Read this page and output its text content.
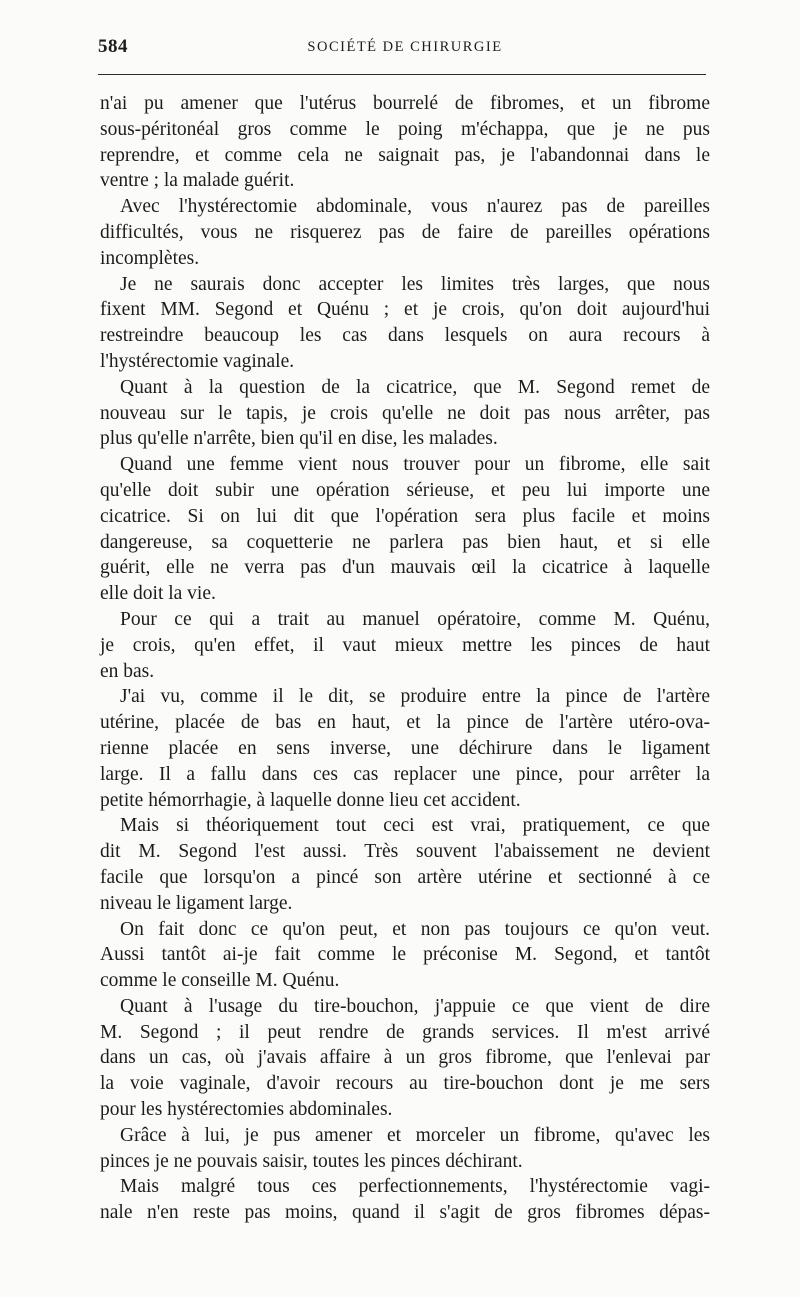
584	SOCIÉTÉ DE CHIRURGIE
n'ai pu amener que l'utérus bourrelé de fibromes, et un fibrome
sous-péritonéal gros comme le poing m'échappa, que je ne pus
reprendre, et comme cela ne saignait pas, je l'abandonnai dans le
ventre ; la malade guérit.
Avec l'hystérectomie abdominale, vous n'aurez pas de pareilles
difficultés, vous ne risquerez pas de faire de pareilles opérations
incomplètes.
Je ne saurais donc accepter les limites très larges, que nous
fixent MM. Segond et Quénu ; et je crois, qu'on doit aujourd'hui
restreindre beaucoup les cas dans lesquels on aura recours à
l'hystérectomie vaginale.
Quant à la question de la cicatrice, que M. Segond remet de
nouveau sur le tapis, je crois qu'elle ne doit pas nous arrêter, pas
plus qu'elle n'arrête, bien qu'il en dise, les malades.
Quand une femme vient nous trouver pour un fibrome, elle sait
qu'elle doit subir une opération sérieuse, et peu lui importe une
cicatrice. Si on lui dit que l'opération sera plus facile et moins
dangereuse, sa coquetterie ne parlera pas bien haut, et si elle
guérit, elle ne verra pas d'un mauvais œil la cicatrice à laquelle
elle doit la vie.
Pour ce qui a trait au manuel opératoire, comme M. Quénu,
je crois, qu'en effet, il vaut mieux mettre les pinces de haut
en bas.
J'ai vu, comme il le dit, se produire entre la pince de l'artère
utérine, placée de bas en haut, et la pince de l'artère utéro-ova-
rienne placée en sens inverse, une déchirure dans le ligament
large. Il a fallu dans ces cas replacer une pince, pour arrêter la
petite hémorrhagie, à laquelle donne lieu cet accident.
Mais si théoriquement tout ceci est vrai, pratiquement, ce que
dit M. Segond l'est aussi. Très souvent l'abaissement ne devient
facile que lorsqu'on a pincé son artère utérine et sectionné à ce
niveau le ligament large.
On fait donc ce qu'on peut, et non pas toujours ce qu'on veut.
Aussi tantôt ai-je fait comme le préconise M. Segond, et tantôt
comme le conseille M. Quénu.
Quant à l'usage du tire-bouchon, j'appuie ce que vient de dire
M. Segond ; il peut rendre de grands services. Il m'est arrivé
dans un cas, où j'avais affaire à un gros fibrome, que l'enlevai par
la voie vaginale, d'avoir recours au tire-bouchon dont je me sers
pour les hystérectomies abdominales.
Grâce à lui, je pus amener et morceler un fibrome, qu'avec les
pinces je ne pouvais saisir, toutes les pinces déchirant.
Mais malgré tous ces perfectionnements, l'hystérectomie vagi-
nale n'en reste pas moins, quand il s'agit de gros fibromes dépas-
